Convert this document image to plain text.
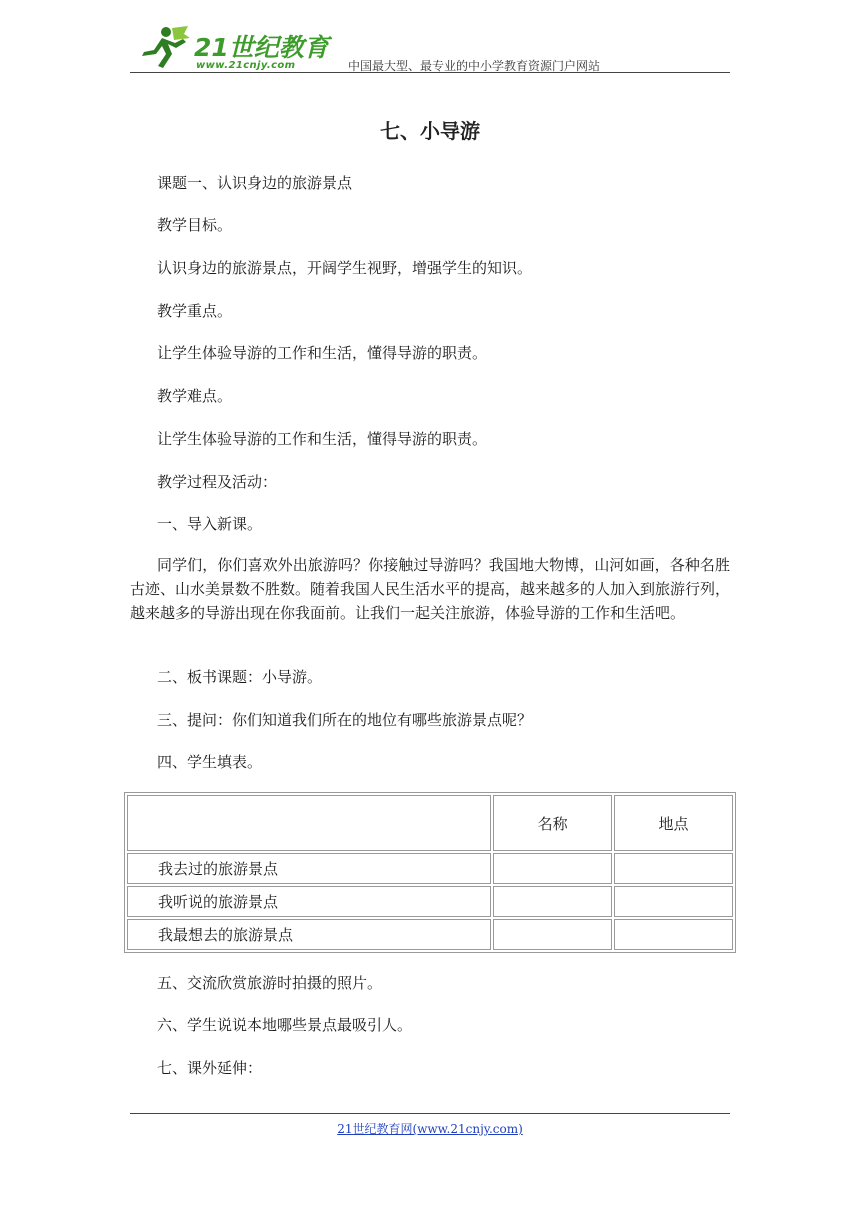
21世纪教育
www.21cnjy.com	中国最大型、最专业的中小学教育资源门户网站
七、小导游
课题一、认识身边的旅游景点
教学目标。
认识身边的旅游景点，开阔学生视野，增强学生的知识。
教学重点。
让学生体验导游的工作和生活，懂得导游的职责。
教学难点。
让学生体验导游的工作和生活，懂得导游的职责。
教学过程及活动：
一、导入新课。
同学们，你们喜欢外出旅游吗？你接触过导游吗？我国地大物博，山河如画，各种名胜古迹、山水美景数不胜数。随着我国人民生活水平的提高，越来越多的人加入到旅游行列，越来越多的导游出现在你我面前。让我们一起关注旅游，体验导游的工作和生活吧。
二、板书课题：小导游。
三、提问：你们知道我们所在的地位有哪些旅游景点呢？
四、学生填表。
	名称	地点
我去过的旅游景点		
我听说的旅游景点		
我最想去的旅游景点		
五、交流欣赏旅游时拍摄的照片。
六、学生说说本地哪些景点最吸引人。
七、课外延伸：
21世纪教育网(www.21cnjy.com)
